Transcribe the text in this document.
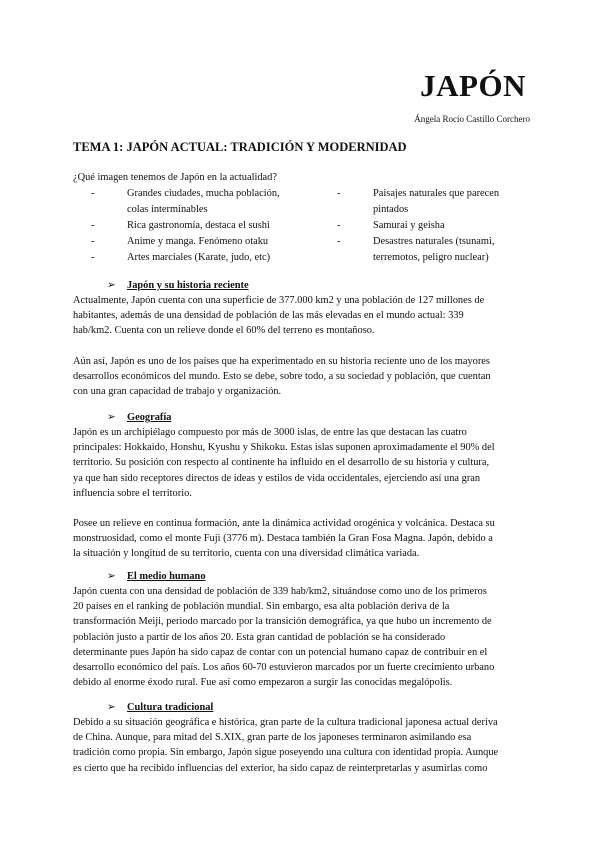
JAPÓN
Ángela Rocío Castillo Corchero
TEMA 1: JAPÓN ACTUAL: TRADICIÓN Y MODERNIDAD
¿Qué imagen tenemos de Japón en la actualidad?
-	Grandes ciudades, mucha población,
colas interminables
-	Rica gastronomía, destaca el sushi
-	Anime y manga. Fenómeno otaku
-	Artes marciales (Karate, judo, etc)
-	Paisajes naturales que parecen
pintados
-	Samurai y geisha
-	Desastres naturales (tsunami,
terremotos, peligro nuclear)
➢ Japón y su historia reciente

Actualmente, Japón cuenta con una superficie de 377.000 km2 y una población de 127 millones de
habitantes, además de una densidad de población de las más elevadas en el mundo actual: 339
hab/km2. Cuenta con un relieve donde el 60% del terreno es montañoso.

Aún así, Japón es uno de los países que ha experimentado en su historia reciente uno de los mayores
desarrollos económicos del mundo. Esto se debe, sobre todo, a su sociedad y población, que cuentan
con una gran capacidad de trabajo y organización.

➢ Geografía

Japón es un archipiélago compuesto por más de 3000 islas, de entre las que destacan las cuatro
principales: Hokkaido, Honshu, Kyushu y Shikoku. Estas islas suponen aproximadamente el 90% del
territorio. Su posición con respecto al continente ha influido en el desarrollo de su historia y cultura,
ya que han sido receptores directos de ideas y estilos de vida occidentales, ejerciendo así una gran
influencia sobre el territorio.

Posee un relieve en continua formación, ante la dinámica actividad orogénica y volcánica. Destaca su
monstruosidad, como el monte Fuji (3776 m). Destaca también la Gran Fosa Magna. Japón, debido a
la situación y longitud de su territorio, cuenta con una diversidad climática variada.

➢ El medio humano

Japón cuenta con una densidad de población de 339 hab/km2, situándose como uno de los primeros
20 países en el ranking de población mundial. Sin embargo, esa alta población deriva de la
transformación Meiji, periodo marcado por la transición demográfica, ya que hubo un incremento de
población justo a partir de los años 20. Esta gran cantidad de población se ha considerado
determinante pues Japón ha sido capaz de contar con un potencial humano capaz de contribuir en el
desarrollo económico del país. Los años 60-70 estuvieron marcados por un fuerte crecimiento urbano
debido al enorme éxodo rural. Fue así como empezaron a surgir las conocidas megalópolis.

➢ Cultura tradicional

Debido a su situación geográfica e histórica, gran parte de la cultura tradicional japonesa actual deriva
de China. Aunque, para mitad del S.XIX, gran parte de los japoneses terminaron asimilando esa
tradición como propia. Sin embargo, Japón sigue poseyendo una cultura con identidad propia. Aunque
es cierto que ha recibido influencias del exterior, ha sido capaz de reinterpretarlas y asumirlas como
